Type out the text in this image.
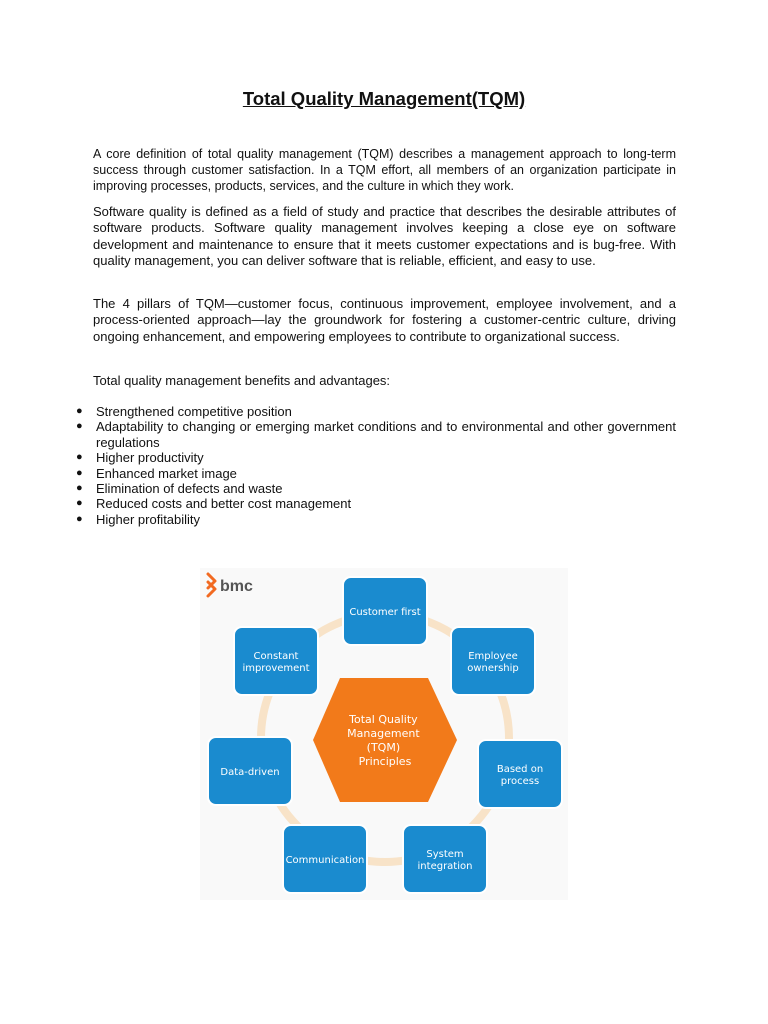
Total Quality Management(TQM)

A core definition of total quality management (TQM) describes a management approach to long-term success through customer satisfaction. In a TQM effort, all members of an organization participate in improving processes, products, services, and the culture in which they work.

Software quality is defined as a field of study and practice that describes the desirable attributes of software products. Software quality management involves keeping a close eye on software development and maintenance to ensure that it meets customer expectations and is bug-free. With quality management, you can deliver software that is reliable, efficient, and easy to use.

The 4 pillars of TQM—customer focus, continuous improvement, employee involvement, and a process-oriented approach—lay the groundwork for fostering a customer-centric culture, driving ongoing enhancement, and empowering employees to contribute to organizational success.

Total quality management benefits and advantages:

● Strengthened competitive position
● Adaptability to changing or emerging market conditions and to environmental and other government regulations
● Higher productivity
● Enhanced market image
● Elimination of defects and waste
● Reduced costs and better cost management
● Higher profitability
bmc
Total Quality Management (TQM) Principles
Customer first
Employee ownership
Based on process
System integration
Communication
Data-driven
Constant improvement
